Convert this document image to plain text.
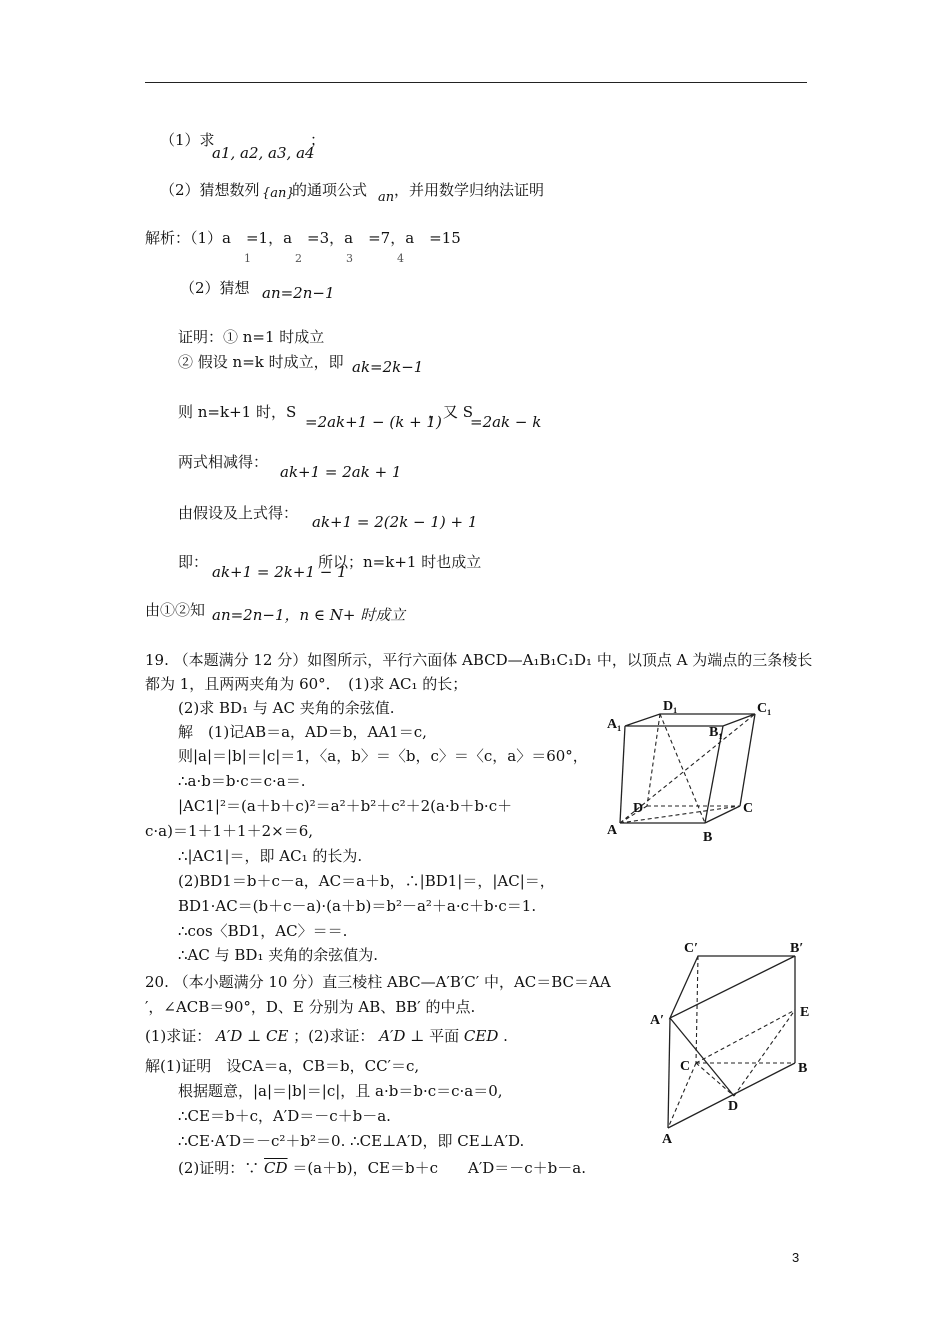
（1）求
a1, a2, a3, a4
；
（2）猜想数列 {an}
的通项公式 an ，并用数学归纳法证明
解析：（1）a　=1，a　=3，a　=7，a　=15
1　　　　2　　　　3　　　　4
（2）猜想 an=2n−1
证明：① n=1 时成立
② 假设 n=k 时成立，即 ak=2k−1
则 n=k+1 时，S
=2ak+1 − (k + 1)
，又 S
=2ak − k
两式相减得：
ak+1 = 2ak + 1
由假设及上式得： ak+1 = 2(2k − 1) + 1
即：
ak+1 = 2k+1 − 1
所以；n=k+1 时也成立
由①②知 an=2n−1，n ∈ N+ 时成立
19. （本题满分 12 分）如图所示，平行六面体 ABCD—A₁B₁C₁D₁ 中，以顶点 A 为端点的三条棱长
都为 1，且两两夹角为 60°．　(1)求 AC₁ 的长；
(2)求 BD₁ 与 AC 夹角的余弦值.
解　(1)记AB＝a，AD＝b，AA1＝c,
则|a|＝|b|＝|c|＝1，〈a，b〉＝〈b，c〉＝〈c，a〉＝60°，
∴a·b＝b·c＝c·a＝.
|AC1|²＝(a＋b＋c)²＝a²＋b²＋c²＋2(a·b＋b·c＋
c·a)＝1＋1＋1＋2×＝6,
∴|AC1|＝，即 AC₁ 的长为.
(2)BD1＝b＋c－a，AC＝a＋b，∴|BD1|＝，|AC|＝，
BD1·AC＝(b＋c－a)·(a＋b)＝b²－a²＋a·c＋b·c＝1.
∴cos〈BD1，AC〉＝＝.
∴AC 与 BD₁ 夹角的余弦值为.
D₁	C₁
A₁
B₁
D	C
A	B
20. （本小题满分 10 分）直三棱柱 ABC—A′B′C′ 中，AC＝BC＝AA
′，∠ACB＝90°，D、E 分别为 AB、BB′ 的中点.
(1)求证： A′D ⊥ CE ；(2)求证： A′D ⊥ 平面 CED .
解(1)证明　设CA＝a，CB＝b，CC′＝c,
根据题意，|a|＝|b|＝|c|，且 a·b＝b·c＝c·a＝0,
∴CE＝b＋c，A′D＝－c＋b－a.
∴CE·A′D＝－c²＋b²＝0. ∴CE⊥A′D，即 CE⊥A′D.
(2)证明：∵ $\overline{CD} =(a+b)$，CE＝b＋c　　A′D＝－c＋b－a.
C′	B′
E
A′
C	B
D
A
3
